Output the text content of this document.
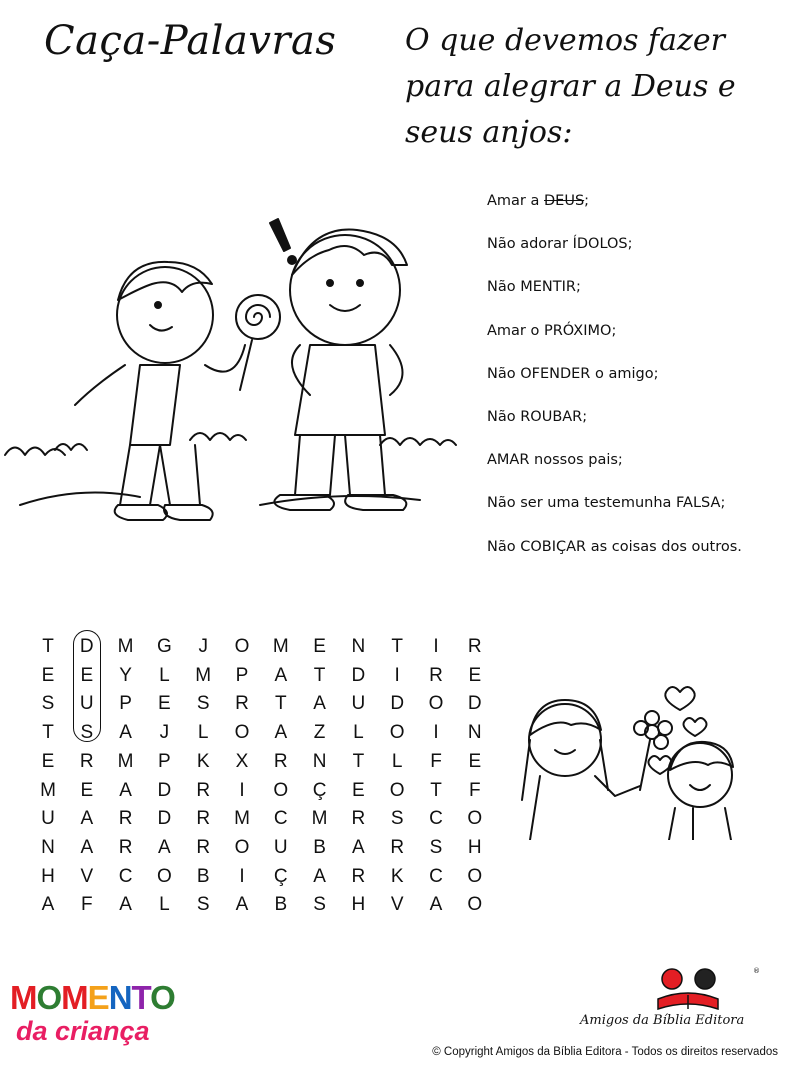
Caça-Palavras O que devemos fazer para alegrar a Deus e seus anjos:

Amar a DEUS;
Não adorar ÍDOLOS;
Não MENTIR;
Amar o PRÓXIMO;
Não OFENDER o amigo;
Não ROUBAR;
AMAR nossos pais;
Não ser uma testemunha FALSA;
Não COBIÇAR as coisas dos outros.
T	D	M	G	J	O	M	E	N	T	I	R
E	E	Y	L	M	P	A	T	D	I	R	E
S	U	P	E	S	R	T	A	U	D	O	D
T	S	A	J	L	O	A	Z	L	O	I	N
E	R	M	P	K	X	R	N	T	L	F	E
M	E	A	D	R	I	O	Ç	E	O	T	F
U	A	R	D	R	M	C	M	R	S	C	O
N	A	R	A	R	O	U	B	A	R	S	H
H	V	C	O	B	I	Ç	A	R	K	C	O
A	F	A	L	S	A	B	S	H	V	A	O
MOMENTO
da criança
®
Amigos da Bíblia Editora
© Copyright Amigos da Bíblia Editora - Todos os direitos reservados
